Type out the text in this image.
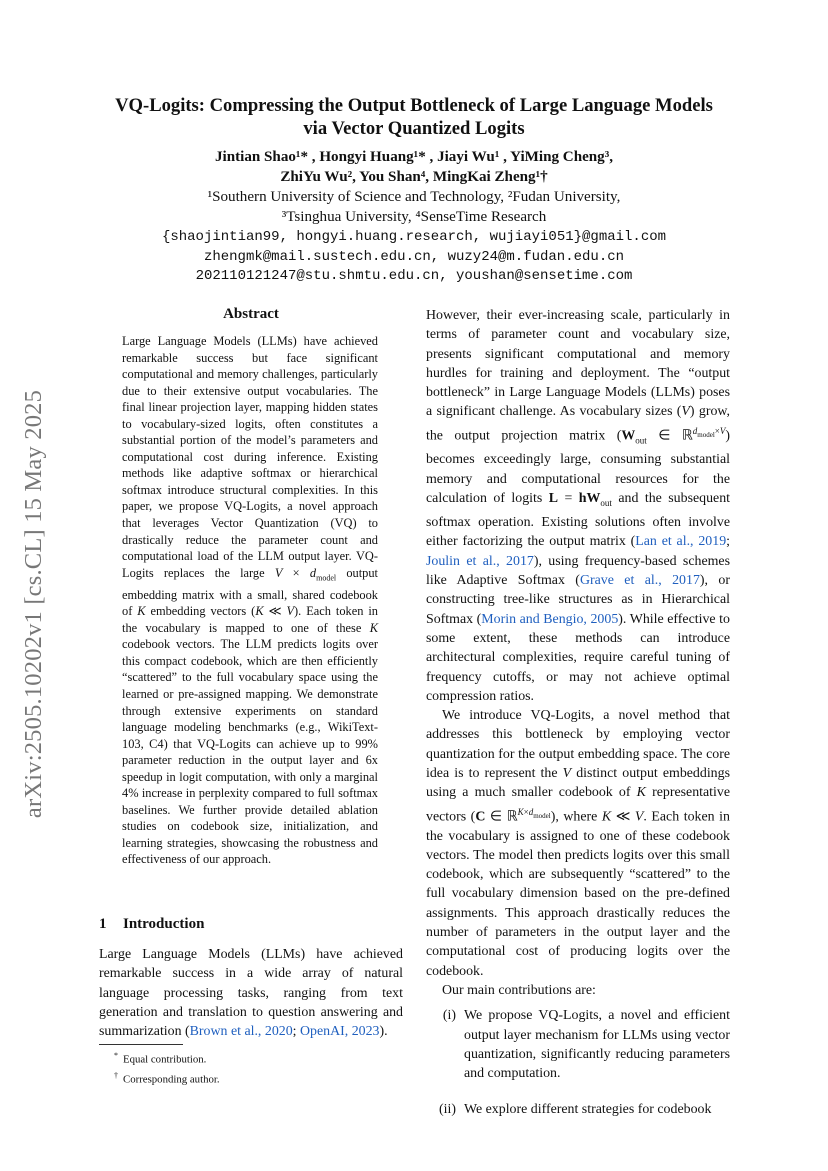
arXiv:2505.10202v1 [cs.CL] 15 May 2025
VQ-Logits: Compressing the Output Bottleneck of Large Language Models
via Vector Quantized Logits
Jintian Shao¹* , Hongyi Huang¹* , Jiayi Wu¹ , YiMing Cheng³,
ZhiYu Wu², You Shan⁴, MingKai Zheng¹†
¹Southern University of Science and Technology, ²Fudan University,
³Tsinghua University, ⁴SenseTime Research
{shaojintian99, hongyi.huang.research, wujiayi051}@gmail.com
zhengmk@mail.sustech.edu.cn, wuzy24@m.fudan.edu.cn
202110121247@stu.shmtu.edu.cn, youshan@sensetime.com
Abstract
Large Language Models (LLMs) have achieved remarkable success but face significant computational and memory challenges, particularly due to their extensive output vocabularies. The final linear projection layer, mapping hidden states to vocabulary-sized logits, often constitutes a substantial portion of the model’s parameters and computational cost during inference. Existing methods like adaptive softmax or hierarchical softmax introduce structural complexities. In this paper, we propose VQ-Logits, a novel approach that leverages Vector Quantization (VQ) to drastically reduce the parameter count and computational load of the LLM output layer. VQ-Logits replaces the large $V \times d_{model}$ output embedding matrix with a small, shared codebook of K embedding vectors (K ≪ V). Each token in the vocabulary is mapped to one of these K codebook vectors. The LLM predicts logits over this compact codebook, which are then efficiently “scattered” to the full vocabulary space using the learned or pre-assigned mapping. We demonstrate through extensive experiments on standard language modeling benchmarks (e.g., WikiText-103, C4) that VQ-Logits can achieve up to 99% parameter reduction in the output layer and 6x speedup in logit computation, with only a marginal 4% increase in perplexity compared to full softmax baselines. We further provide detailed ablation studies on codebook size, initialization, and learning strategies, showcasing the robustness and effectiveness of our approach.
1 Introduction
Large Language Models (LLMs) have achieved remarkable success in a wide array of natural language processing tasks, ranging from text generation and translation to question answering and summarization (Brown et al., 2020; OpenAI, 2023).
* Equal contribution.
† Corresponding author.

However, their ever-increasing scale, particularly in terms of parameter count and vocabulary size, presents significant computational and memory hurdles for training and deployment. The “output bottleneck” in Large Language Models (LLMs) poses a significant challenge. As vocabulary sizes (V) grow, the output projection matrix ($W_{out}$ ∈ ℝ$^{d_{model}\times V}$) becomes exceedingly large, consuming substantial memory and computational resources for the calculation of logits $L = hW_{out}$ and the subsequent softmax operation. Existing solutions often involve either factorizing the output matrix (Lan et al., 2019; Joulin et al., 2017), using frequency-based schemes like Adaptive Softmax (Grave et al., 2017), or constructing tree-like structures as in Hierarchical Softmax (Morin and Bengio, 2005). While effective to some extent, these methods can introduce architectural complexities, require careful tuning of frequency cutoffs, or may not achieve optimal compression ratios.

We introduce VQ-Logits, a novel method that addresses this bottleneck by employing vector quantization for the output embedding space. The core idea is to represent the V distinct output embeddings using a much smaller codebook of K representative vectors (C ∈ ℝ$^{K\times d_{model}}$), where K ≪ V. Each token in the vocabulary is assigned to one of these codebook vectors. The model then predicts logits over this small codebook, which are subsequently “scattered” to the full vocabulary dimension based on the pre-defined assignments. This approach drastically reduces the number of parameters in the output layer and the computational cost of producing logits over the codebook.

Our main contributions are:

(i) We propose VQ-Logits, a novel and efficient output layer mechanism for LLMs using vector quantization, significantly reducing parameters and computation.
(ii) We explore different strategies for codebook
